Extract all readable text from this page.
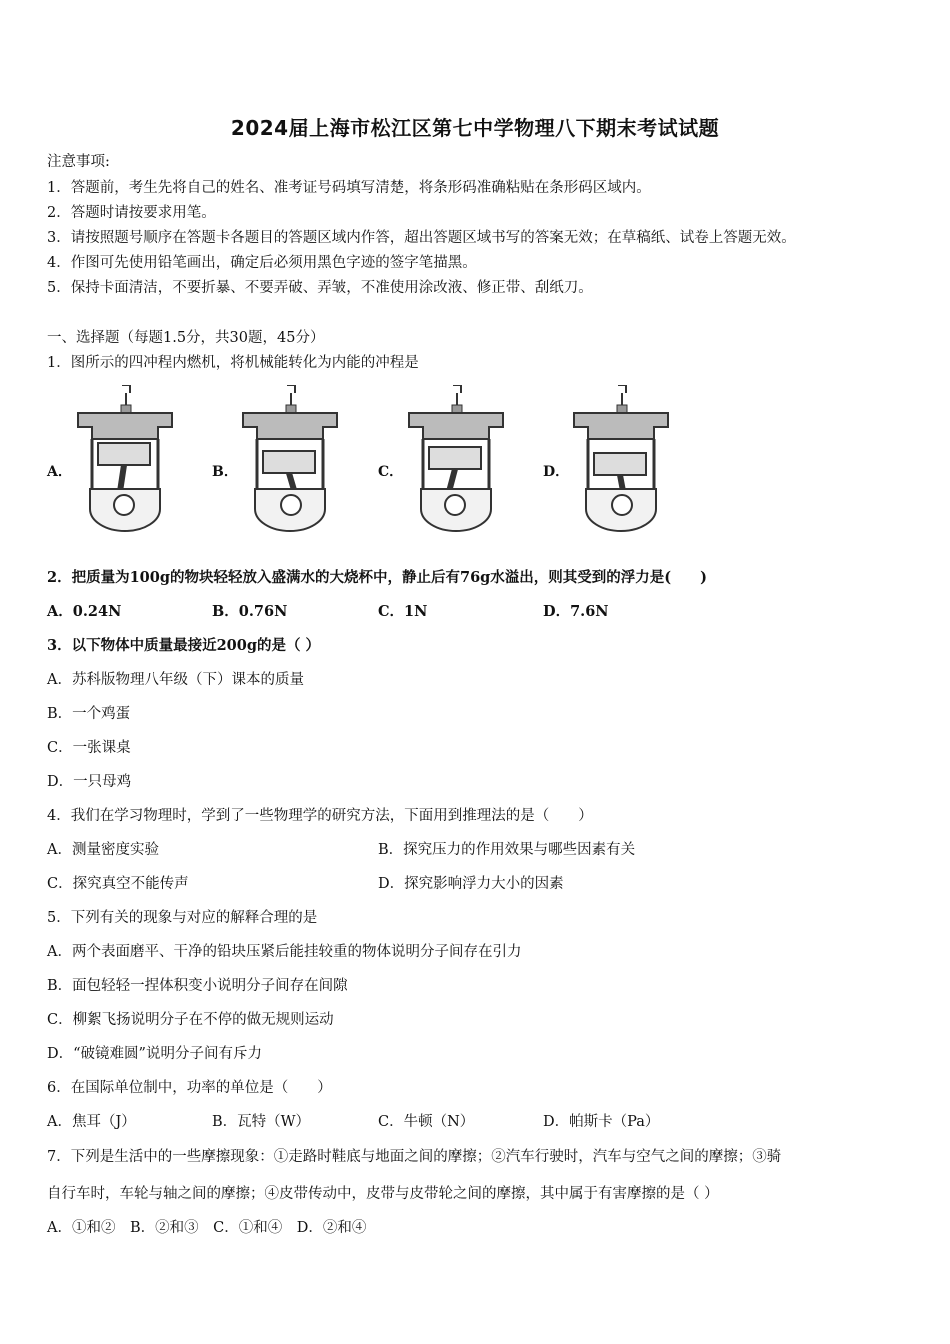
2024届上海市松江区第七中学物理八下期末考试试题
注意事项:
1．答题前，考生先将自己的姓名、准考证号码填写清楚，将条形码准确粘贴在条形码区域内。
2．答题时请按要求用笔。
3．请按照题号顺序在答题卡各题目的答题区域内作答，超出答题区域书写的答案无效；在草稿纸、试卷上答题无效。
4．作图可先使用铅笔画出，确定后必须用黑色字迹的签字笔描黑。
5．保持卡面清洁，不要折暴、不要弄破、弄皱，不准使用涂改液、修正带、刮纸刀。
一、选择题（每题1.5分，共30题，45分）
1．图所示的四冲程内燃机，将机械能转化为内能的冲程是
A．	B．	C．	D．
2．把质量为100g的物块轻轻放入盛满水的大烧杯中，静止后有76g水溢出，则其受到的浮力是(　　)
A．0.24N	B．0.76N	C．1N	D．7.6N
3．以下物体中质量最接近200g的是（ ）
A．苏科版物理八年级（下）课本的质量
B．一个鸡蛋
C．一张课桌
D．一只母鸡
4．我们在学习物理时，学到了一些物理学的研究方法，下面用到推理法的是（　　）
A．测量密度实验	B．探究压力的作用效果与哪些因素有关
C．探究真空不能传声	D．探究影响浮力大小的因素
5．下列有关的现象与对应的解释合理的是
A．两个表面磨平、干净的铅块压紧后能挂较重的物体说明分子间存在引力
B．面包轻轻一捏体积变小说明分子间存在间隙
C．柳絮飞扬说明分子在不停的做无规则运动
D．“破镜难圆”说明分子间有斥力
6．在国际单位制中，功率的单位是（　　）
A．焦耳（J）	B．瓦特（W）	C．牛顿（N）	D．帕斯卡（Pa）
7．下列是生活中的一些摩擦现象：①走路时鞋底与地面之间的摩擦；②汽车行驶时，汽车与空气之间的摩擦；③骑
自行车时，车轮与轴之间的摩擦；④皮带传动中，皮带与皮带轮之间的摩擦，其中属于有害摩擦的是（ ）
A．①和②　B．②和③　C．①和④　D．②和④
